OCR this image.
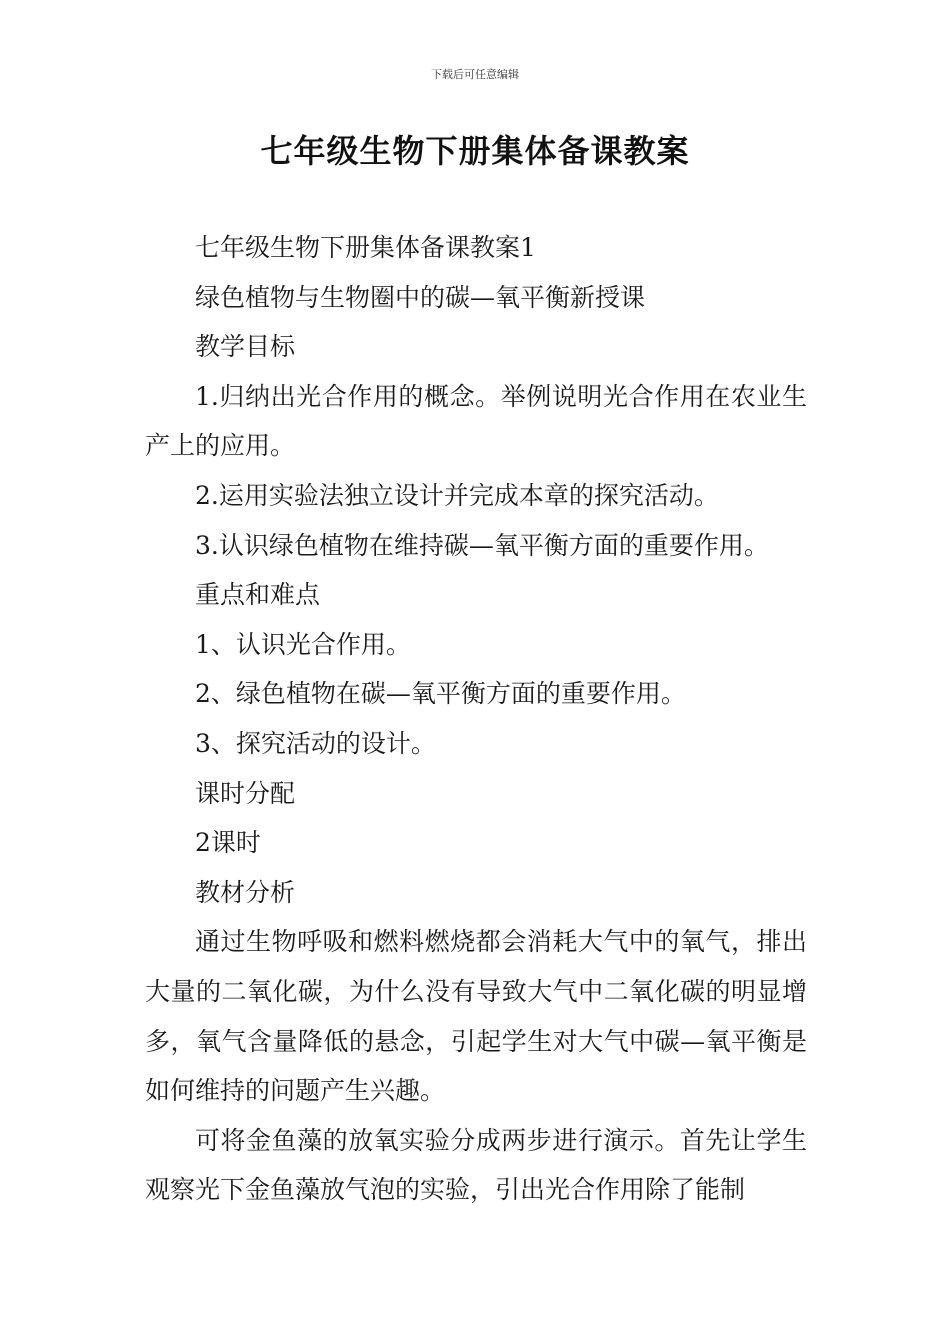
下载后可任意编辑
七年级生物下册集体备课教案

七年级生物下册集体备课教案1

绿色植物与生物圈中的碳—氧平衡新授课

教学目标

1.归纳出光合作用的概念。举例说明光合作用在农业生产上的应用。

2.运用实验法独立设计并完成本章的探究活动。

3.认识绿色植物在维持碳—氧平衡方面的重要作用。

重点和难点

1、认识光合作用。

2、绿色植物在碳—氧平衡方面的重要作用。

3、探究活动的设计。

课时分配

2课时

教材分析

通过生物呼吸和燃料燃烧都会消耗大气中的氧气，排出大量的二氧化碳，为什么没有导致大气中二氧化碳的明显增多，氧气含量降低的悬念，引起学生对大气中碳—氧平衡是如何维持的问题产生兴趣。

可将金鱼藻的放氧实验分成两步进行演示。首先让学生观察光下金鱼藻放气泡的实验，引出光合作用除了能制
